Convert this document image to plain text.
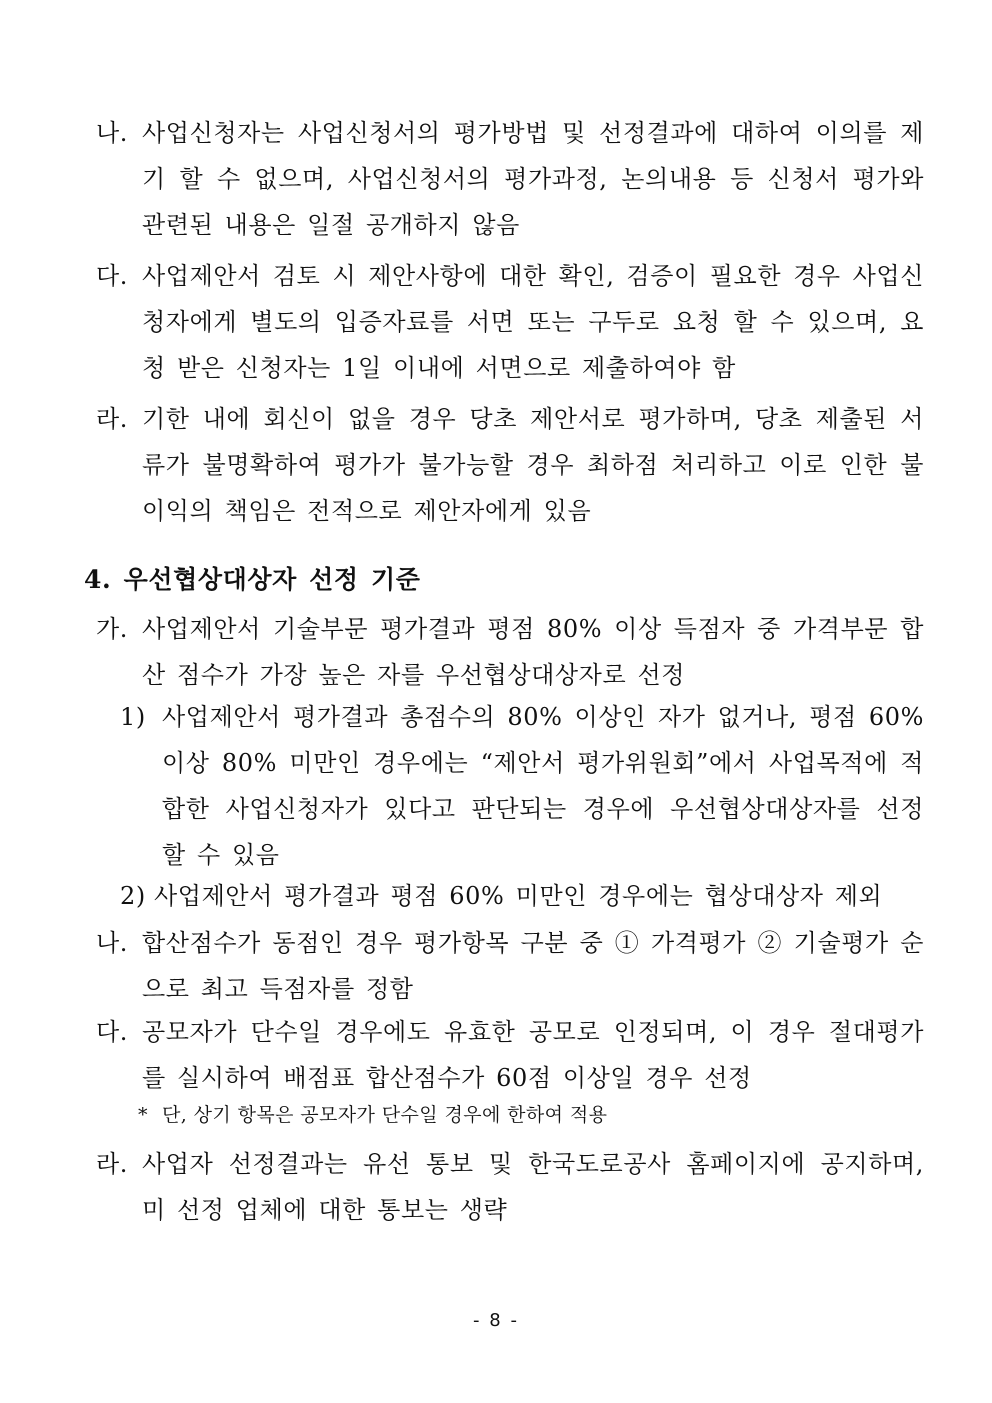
나. 사업신청자는 사업신청서의 평가방법 및 선정결과에 대하여 이의를 제기 할 수 없으며, 사업신청서의 평가과정, 논의내용 등 신청서 평가와 관련된 내용은 일절 공개하지 않음
다. 사업제안서 검토 시 제안사항에 대한 확인, 검증이 필요한 경우 사업신청자에게 별도의 입증자료를 서면 또는 구두로 요청 할 수 있으며, 요청 받은 신청자는 1일 이내에 서면으로 제출하여야 함
라. 기한 내에 회신이 없을 경우 당초 제안서로 평가하며, 당초 제출된 서류가 불명확하여 평가가 불가능할 경우 최하점 처리하고 이로 인한 불이익의 책임은 전적으로 제안자에게 있음
4. 우선협상대상자 선정 기준
가. 사업제안서 기술부문 평가결과 평점 80% 이상 득점자 중 가격부문 합산 점수가 가장 높은 자를 우선협상대상자로 선정
1) 사업제안서 평가결과 총점수의 80% 이상인 자가 없거나, 평점 60% 이상 80% 미만인 경우에는 “제안서 평가위원회”에서 사업목적에 적합한 사업신청자가 있다고 판단되는 경우에 우선협상대상자를 선정 할 수 있음
2) 사업제안서 평가결과 평점 60% 미만인 경우에는 협상대상자 제외
나. 합산점수가 동점인 경우 평가항목 구분 중 ① 가격평가 ② 기술평가 순으로 최고 득점자를 정함
다. 공모자가 단수일 경우에도 유효한 공모로 인정되며, 이 경우 절대평가를 실시하여 배점표 합산점수가 60점 이상일 경우 선정
* 단, 상기 항목은 공모자가 단수일 경우에 한하여 적용
라. 사업자 선정결과는 유선 통보 및 한국도로공사 홈페이지에 공지하며, 미 선정 업체에 대한 통보는 생략
- 8 -
